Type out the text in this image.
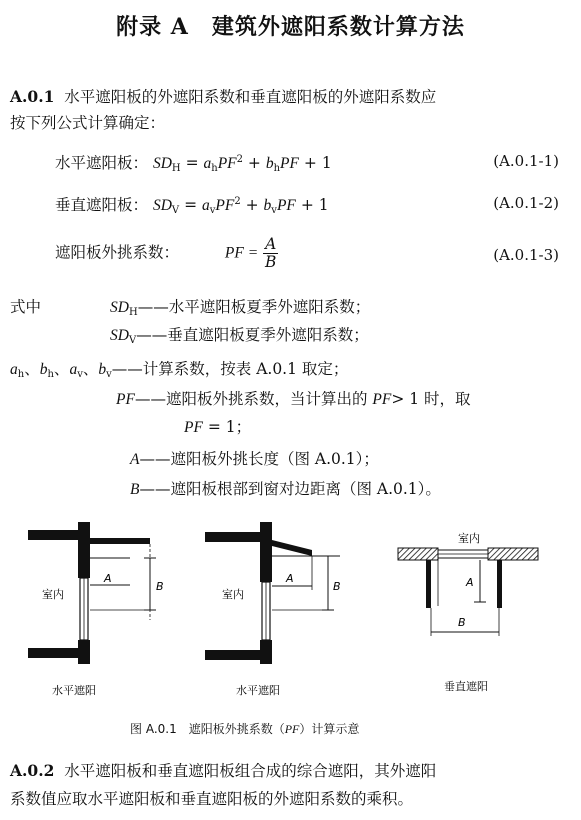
附录 A　建筑外遮阳系数计算方法
A.0.1 水平遮阳板的外遮阳系数和垂直遮阳板的外遮阳系数应
按下列公式计算确定：
水平遮阳板： $SD_H = a_hPF^2 + b_hPF + 1$	(A.0.1-1)
垂直遮阳板： $SD_V = a_vPF^2 + b_vPF + 1$	(A.0.1-2)
遮阳板外挑系数：	PF = $\frac{A}{B}$	(A.0.1-3)
式中	$SD_H——$水平遮阳板夏季外遮阳系数；
$SD_V——$垂直遮阳板夏季外遮阳系数；
$a_h$、$b_h$、$a_v$、$b_v——$计算系数，按表 A.0.1 取定；
PF——遮阳板外挑系数，当计算出的 PF> 1 时，取
PF = 1；
A——遮阳板外挑长度（图 A.0.1）；
B——遮阳板根部到窗对边距离（图 A.0.1）。
室内
A
B
水平遮阳
室内
A
B
水平遮阳
室内
A
B
垂直遮阳
图 A.0.1　遮阳板外挑系数（PF）计算示意
A.0.2 水平遮阳板和垂直遮阳板组合成的综合遮阳，其外遮阳
系数值应取水平遮阳板和垂直遮阳板的外遮阳系数的乘积。
